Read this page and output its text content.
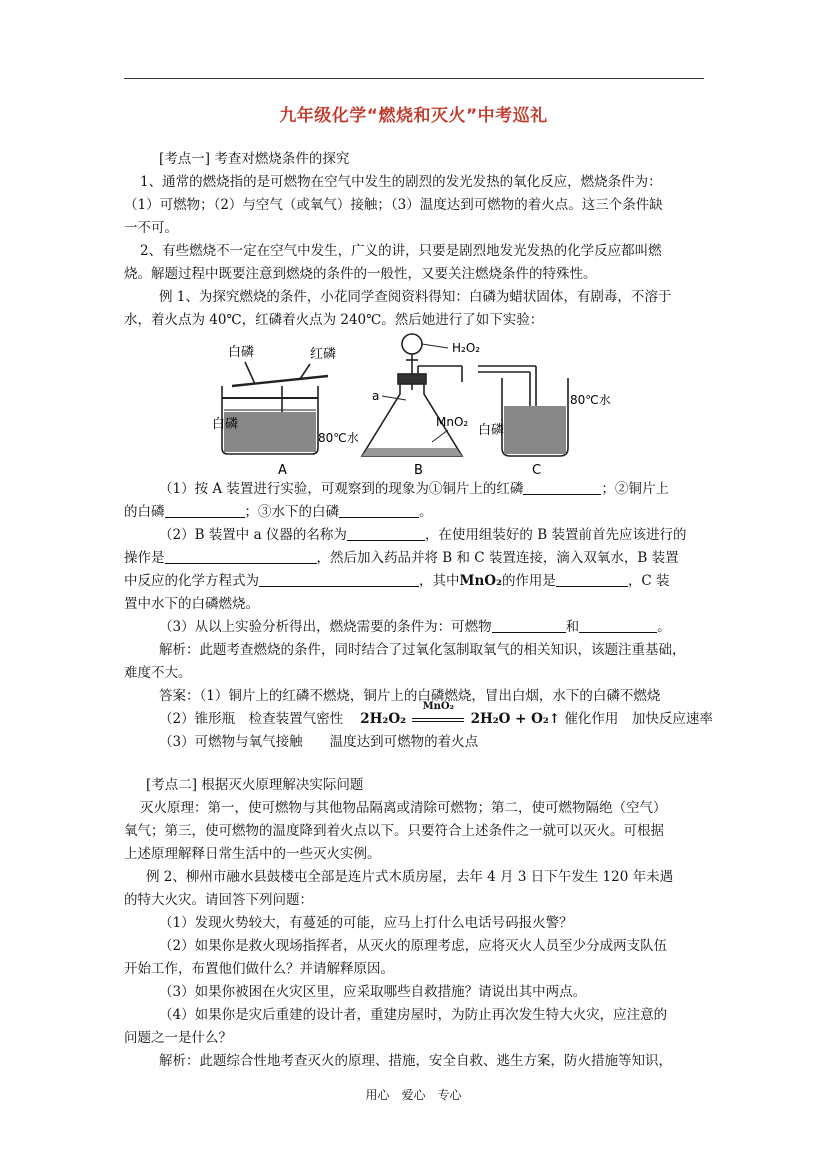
九年级化学“燃烧和灭火”中考巡礼
[考点一] 考查对燃烧条件的探究
1、通常的燃烧指的是可燃物在空气中发生的剧烈的发光发热的氧化反应，燃烧条件为：
（1）可燃物；（2）与空气（或氧气）接触；（3）温度达到可燃物的着火点。这三个条件缺
一不可。
2、有些燃烧不一定在空气中发生，广义的讲，只要是剧烈地发光发热的化学反应都叫燃
烧。解题过程中既要注意到燃烧的条件的一般性，又要关注燃烧条件的特殊性。
例 1、为探究燃烧的条件，小花同学查阅资料得知：白磷为蜡状固体，有剧毒，不溶于
水，着火点为 40℃，红磷着火点为 240℃。然后她进行了如下实验：
白磷	红磷
白磷
80℃水
A
H₂O₂
a
MnO₂
B
80℃水
白磷
C
（1）按 A 装置进行实验，可观察到的现象为①铜片上的红磷	；②铜片上
的白磷	；③水下的白磷	。
（2）B 装置中 a 仪器的名称为	，在使用组装好的 B 装置前首先应该进行的
操作是	，然后加入药品并将 B 和 C 装置连接，滴入双氧水，B 装置
中反应的化学方程式为	，其中MnO₂的作用是	，C 装
置中水下的白磷燃烧。
（3）从以上实验分析得出，燃烧需要的条件为：可燃物	和	。
解析：此题考查燃烧的条件，同时结合了过氧化氢制取氧气的相关知识，该题注重基础，
难度不大。
答案：（1）铜片上的红磷不燃烧，铜片上的白磷燃烧，冒出白烟，水下的白磷不燃烧
（2）锥形瓶　检查装置气密性 2H₂O₂
MnO₂
2H₂O + O₂↑ 催化作用　加快反应速率
（3）可燃物与氧气接触　　温度达到可燃物的着火点
[考点二] 根据灭火原理解决实际问题
灭火原理：第一，使可燃物与其他物品隔离或清除可燃物；第二，使可燃物隔绝（空气）
氧气；第三，使可燃物的温度降到着火点以下。只要符合上述条件之一就可以灭火。可根据
上述原理解释日常生活中的一些灭火实例。
例 2、柳州市融水县鼓楼屯全部是连片式木质房屋，去年 4 月 3 日下午发生 120 年未遇
的特大火灾。请回答下列问题：
（1）发现火势较大，有蔓延的可能，应马上打什么电话号码报火警？
（2）如果你是救火现场指挥者，从灭火的原理考虑，应将灭火人员至少分成两支队伍
开始工作，布置他们做什么？并请解释原因。
（3）如果你被困在火灾区里，应采取哪些自救措施？请说出其中两点。
（4）如果你是灾后重建的设计者，重建房屋时，为防止再次发生特大火灾，应注意的
问题之一是什么？
解析：此题综合性地考查灭火的原理、措施，安全自救、逃生方案，防火措施等知识，
用心　爱心　专心
